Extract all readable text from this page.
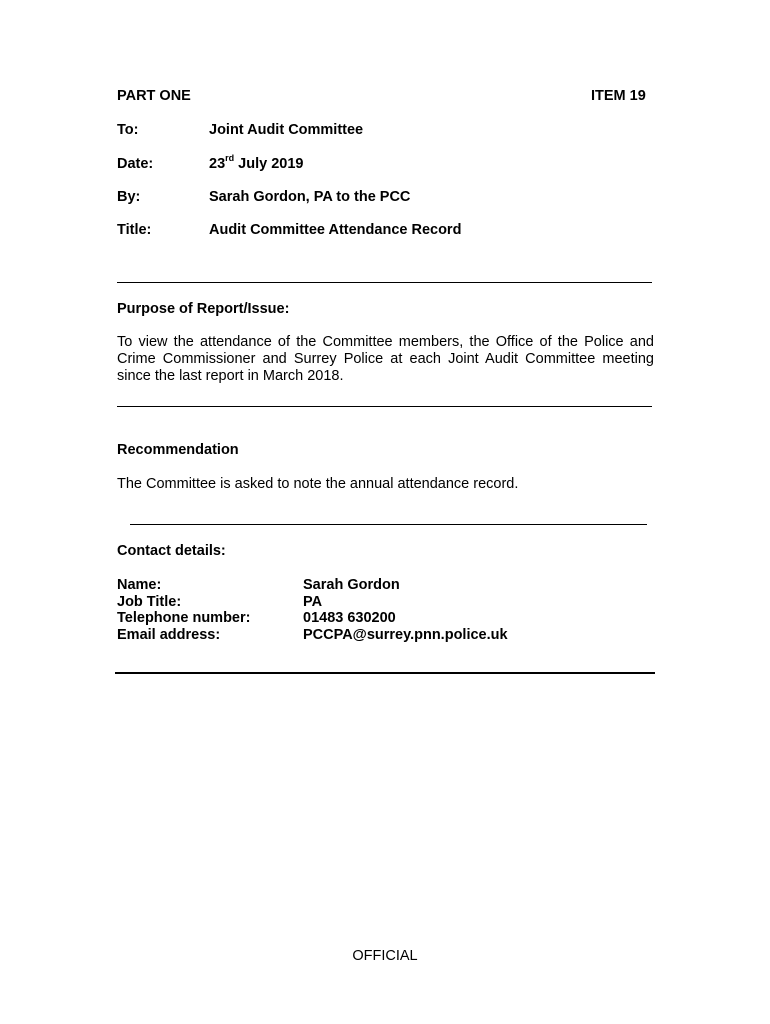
PART ONE	ITEM 19
To:	Joint Audit Committee
Date:	23rd July 2019
By:	Sarah Gordon, PA to the PCC
Title:	Audit Committee Attendance Record
Purpose of Report/Issue:
To view the attendance of the Committee members, the Office of the Police and Crime Commissioner and Surrey Police at each Joint Audit Committee meeting since the last report in March 2018.
Recommendation
The Committee is asked to note the annual attendance record.
Contact details:
Name:	Sarah Gordon
Job Title:	PA
Telephone number:	01483 630200
Email address:	PCCPA@surrey.pnn.police.uk
OFFICIAL
